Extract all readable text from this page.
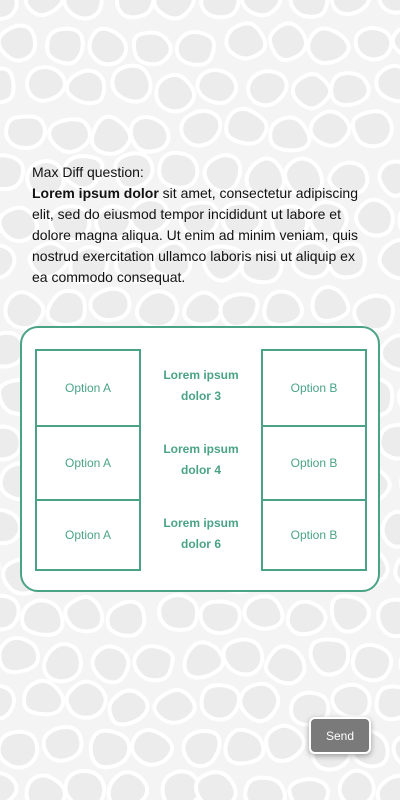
Max Diff question:
Lorem ipsum dolor sit amet, consectetur adipiscing elit, sed do eiusmod tempor incididunt ut labore et dolore magna aliqua. Ut enim ad minim veniam, quis nostrud exercitation ullamco laboris nisi ut aliquip ex ea commodo consequat.
Option A
Option A
Option A
Lorem ipsum dolor 3
Lorem ipsum dolor 4
Lorem ipsum dolor 6
Option B
Option B
Option B
Send
